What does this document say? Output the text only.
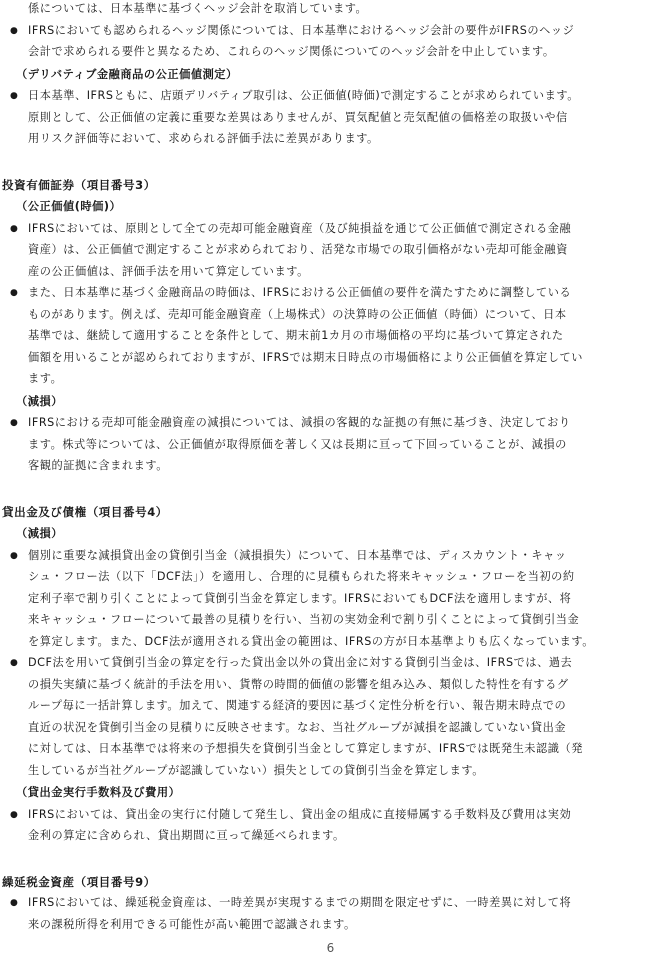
係については、日本基準に基づくヘッジ会計を取消しています。
● IFRSにおいても認められるヘッジ関係については、日本基準におけるヘッジ会計の要件がIFRSのヘッジ
会計で求められる要件と異なるため、これらのヘッジ関係についてのヘッジ会計を中止しています。
（デリバティブ金融商品の公正価値測定）
● 日本基準、IFRSともに、店頭デリバティブ取引は、公正価値(時価)で測定することが求められています。
原則として、公正価値の定義に重要な差異はありませんが、買気配値と売気配値の価格差の取扱いや信
用リスク評価等において、求められる評価手法に差異があります。
投資有価証券（項目番号3）
（公正価値(時価)）
● IFRSにおいては、原則として全ての売却可能金融資産（及び純損益を通じて公正価値で測定される金融
資産）は、公正価値で測定することが求められており、活発な市場での取引価格がない売却可能金融資
産の公正価値は、評価手法を用いて算定しています。
● また、日本基準に基づく金融商品の時価は、IFRSにおける公正価値の要件を満たすために調整している
ものがあります。例えば、売却可能金融資産（上場株式）の決算時の公正価値（時価）について、日本
基準では、継続して適用することを条件として、期末前1カ月の市場価格の平均に基づいて算定された
価額を用いることが認められておりますが、IFRSでは期末日時点の市場価格により公正価値を算定してい
ます。
（減損）
● IFRSにおける売却可能金融資産の減損については、減損の客観的な証拠の有無に基づき、決定しており
ます。株式等については、公正価値が取得原価を著しく又は長期に亘って下回っていることが、減損の
客観的証拠に含まれます。
貸出金及び債権（項目番号4）
（減損）
● 個別に重要な減損貸出金の貸倒引当金（減損損失）について、日本基準では、ディスカウント・キャッ
シュ・フロー法（以下「DCF法」）を適用し、合理的に見積もられた将来キャッシュ・フローを当初の約
定利子率で割り引くことによって貸倒引当金を算定します。IFRSにおいてもDCF法を適用しますが、将
来キャッシュ・フローについて最善の見積りを行い、当初の実効金利で割り引くことによって貸倒引当金
を算定します。また、DCF法が適用される貸出金の範囲は、IFRSの方が日本基準よりも広くなっています。
● DCF法を用いて貸倒引当金の算定を行った貸出金以外の貸出金に対する貸倒引当金は、IFRSでは、過去
の損失実績に基づく統計的手法を用い、貨幣の時間的価値の影響を組み込み、類似した特性を有するグ
ループ毎に一括計算します。加えて、関連する経済的要因に基づく定性分析を行い、報告期末時点での
直近の状況を貸倒引当金の見積りに反映させます。なお、当社グループが減損を認識していない貸出金
に対しては、日本基準では将来の予想損失を貸倒引当金として算定しますが、IFRSでは既発生未認識（発
生しているが当社グループが認識していない）損失としての貸倒引当金を算定します。
（貸出金実行手数料及び費用）
● IFRSにおいては、貸出金の実行に付随して発生し、貸出金の組成に直接帰属する手数料及び費用は実効
金利の算定に含められ、貸出期間に亘って繰延べられます。
繰延税金資産（項目番号9）
● IFRSにおいては、繰延税金資産は、一時差異が実現するまでの期間を限定せずに、一時差異に対して将
来の課税所得を利用できる可能性が高い範囲で認識されます。
6
